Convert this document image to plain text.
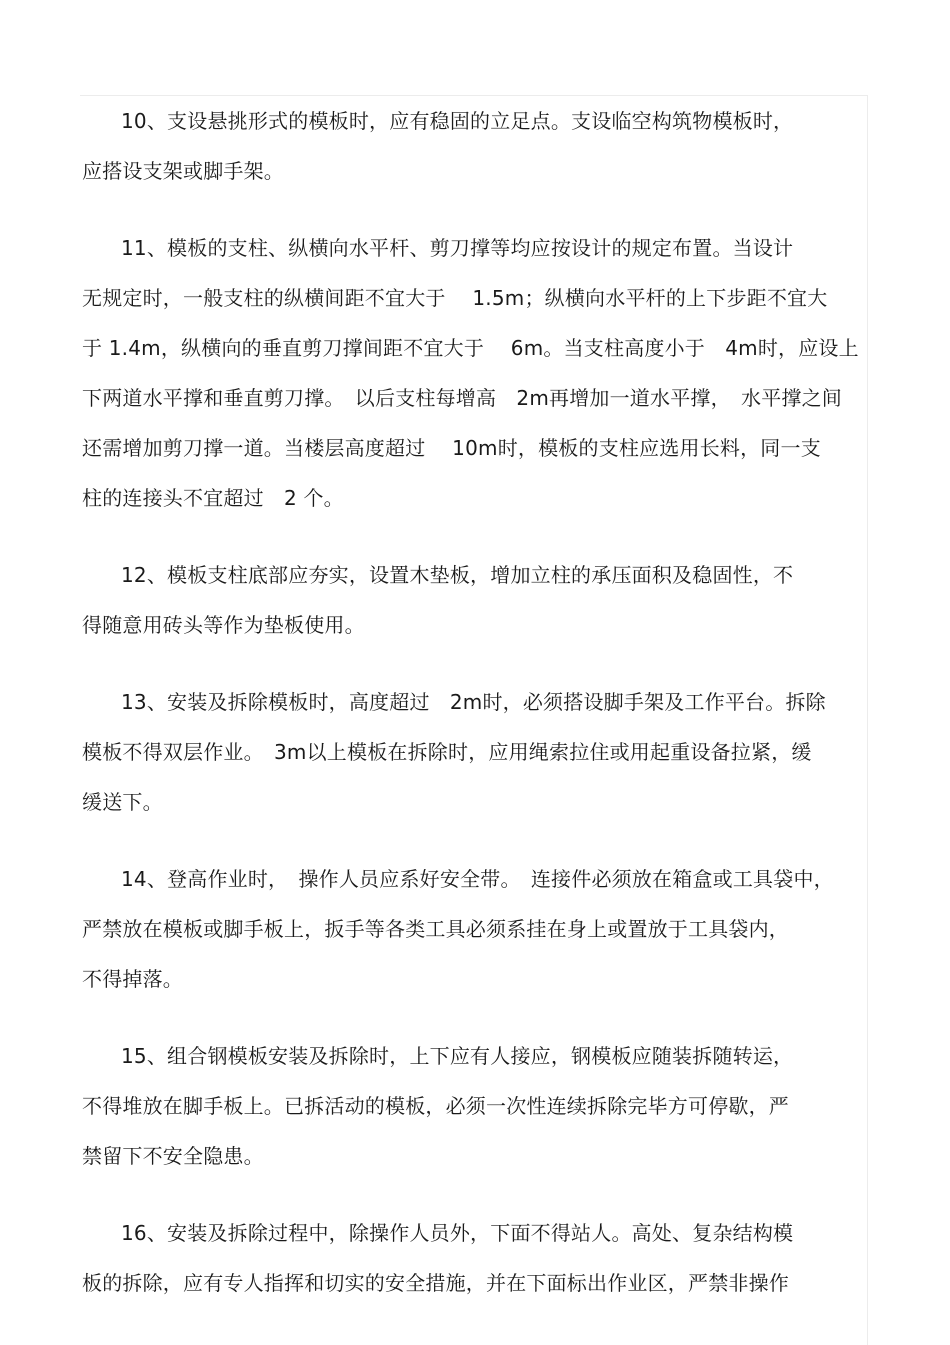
10、支设悬挑形式的模板时，应有稳固的立足点。支设临空构筑物模板时，
应搭设支架或脚手架。
11、模板的支柱、纵横向水平杆、剪刀撑等均应按设计的规定布置。当设计
无规定时，一般支柱的纵横间距不宜大于　 1.5m；纵横向水平杆的上下步距不宜大
于 1.4m，纵横向的垂直剪刀撑间距不宜大于　 6m。当支柱高度小于　4m时，应设上
下两道水平撑和垂直剪刀撑。　以后支柱每增高　2m再增加一道水平撑，　水平撑之间
还需增加剪刀撑一道。当楼层高度超过　 10m时，模板的支柱应选用长料，同一支
柱的连接头不宜超过　2 个。
12、模板支柱底部应夯实，设置木垫板，增加立柱的承压面积及稳固性，不
得随意用砖头等作为垫板使用。
13、安装及拆除模板时，高度超过　2m时，必须搭设脚手架及工作平台。拆除
模板不得双层作业。　3m以上模板在拆除时，应用绳索拉住或用起重设备拉紧，缓
缓送下。
14、登高作业时，　操作人员应系好安全带。　连接件必须放在箱盒或工具袋中，
严禁放在模板或脚手板上，扳手等各类工具必须系挂在身上或置放于工具袋内，
不得掉落。
15、组合钢模板安装及拆除时，上下应有人接应，钢模板应随装拆随转运，
不得堆放在脚手板上。已拆活动的模板，必须一次性连续拆除完毕方可停歇，严
禁留下不安全隐患。
16、安装及拆除过程中，除操作人员外，下面不得站人。高处、复杂结构模
板的拆除，应有专人指挥和切实的安全措施，并在下面标出作业区，严禁非操作
